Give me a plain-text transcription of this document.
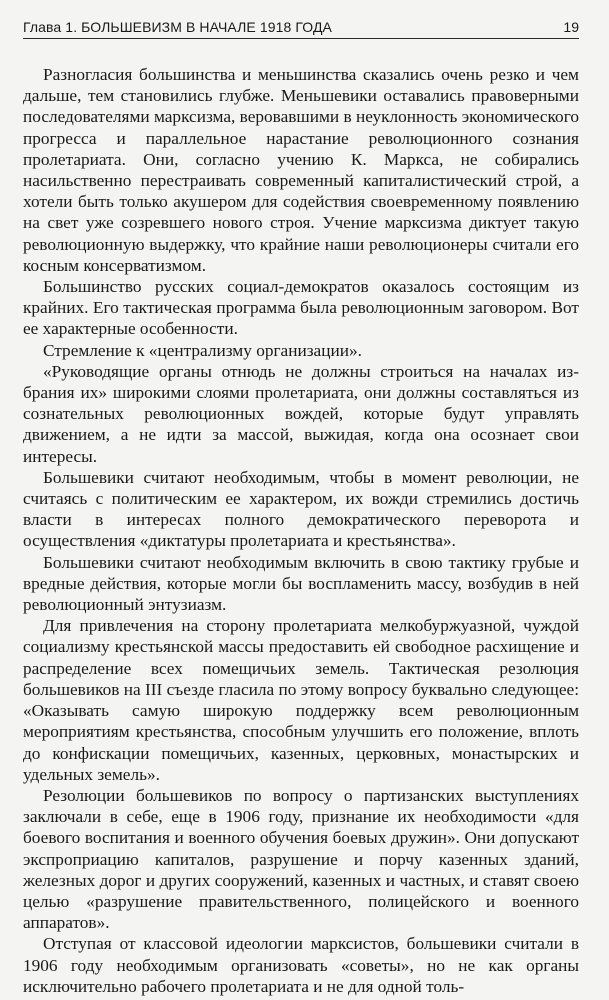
Глава 1. БОЛЬШЕВИЗМ В НАЧАЛЕ 1918 ГОДА	19

Разногласия большинства и меньшинства сказались очень резко и чем дальше, тем становились глубже. Меньшевики оставались правоверными последователями марксизма, веровавшими в неуклонность экономического прогресса и параллельное нарастание революционного сознания пролетариата. Они, согласно учению К. Маркса, не собирались насильственно перестраивать современный капиталистический строй, а хотели быть только акушером для содействия своевременному появлению на свет уже созревшего нового строя. Учение марксизма диктует такую революционную выдержку, что крайние наши революционеры считали его косным консерватизмом.

Большинство русских социал-демократов оказалось состоящим из крайних. Его тактическая программа была революционным заговором. Вот ее характерные особенности.

Стремление к «централизму организации».

«Руководящие органы отнюдь не должны строиться на началах избрания их» широкими слоями пролетариата, они должны составляться из сознательных революционных вождей, которые будут управлять движением, а не идти за массой, выжидая, когда она осознает свои интересы.

Большевики считают необходимым, чтобы в момент революции, не считаясь с политическим ее характером, их вожди стремились достичь власти в интересах полного демократического переворота и осуществления «диктатуры пролетариата и крестьянства».

Большевики считают необходимым включить в свою тактику грубые и вредные действия, которые могли бы воспламенить массу, возбудив в ней революционный энтузиазм.

Для привлечения на сторону пролетариата мелкобуржуазной, чуждой социализму крестьянской массы предоставить ей свободное расхищение и распределение всех помещичьих земель. Тактическая резолюция большевиков на III съезде гласила по этому вопросу буквально следующее: «Оказывать самую широкую поддержку всем революционным мероприятиям крестьянства, способным улучшить его положение, вплоть до конфискации помещичьих, казенных, церковных, монастырских и удельных земель».

Резолюции большевиков по вопросу о партизанских выступлениях заключали в себе, еще в 1906 году, признание их необходимости «для боевого воспитания и военного обучения боевых дружин». Они допускают экспроприацию капиталов, разрушение и порчу казенных зданий, железных дорог и других сооружений, казенных и частных, и ставят своею целью «разрушение правительственного, полицейского и военного аппаратов».

Отступая от классовой идеологии марксистов, большевики считали в 1906 году необходимым организовать «советы», но не как органы исключительно рабочего пролетариата и не для одной толь-
